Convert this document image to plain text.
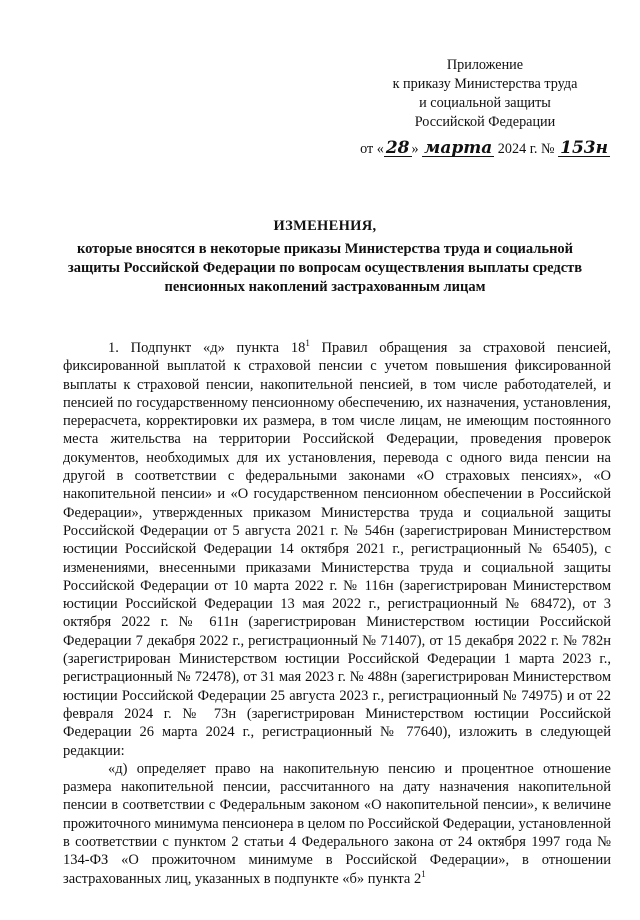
Приложение
к приказу Министерства труда
и социальной защиты
Российской Федерации
от « 28 » марта 2024 г. № 153н
ИЗМЕНЕНИЯ,
которые вносятся в некоторые приказы Министерства труда и социальной защиты Российской Федерации по вопросам осуществления выплаты средств пенсионных накоплений застрахованным лицам

1. Подпункт «д» пункта $18^1$ Правил обращения за страховой пенсией, фиксированной выплатой к страховой пенсии с учетом повышения фиксированной выплаты к страховой пенсии, накопительной пенсией, в том числе работодателей, и пенсией по государственному пенсионному обеспечению, их назначения, установления, перерасчета, корректировки их размера, в том числе лицам, не имеющим постоянного места жительства на территории Российской Федерации, проведения проверок документов, необходимых для их установления, перевода с одного вида пенсии на другой в соответствии с федеральными законами «О страховых пенсиях», «О накопительной пенсии» и «О государственном пенсионном обеспечении в Российской Федерации», утвержденных приказом Министерства труда и социальной защиты Российской Федерации от 5 августа 2021 г. № 546н (зарегистрирован Министерством юстиции Российской Федерации 14 октября 2021 г., регистрационный № 65405), с изменениями, внесенными приказами Министерства труда и социальной защиты Российской Федерации от 10 марта 2022 г. № 116н (зарегистрирован Министерством юстиции Российской Федерации 13 мая 2022 г., регистрационный № 68472), от 3 октября 2022 г. № 611н (зарегистрирован Министерством юстиции Российской Федерации 7 декабря 2022 г., регистрационный № 71407), от 15 декабря 2022 г. № 782н (зарегистрирован Министерством юстиции Российской Федерации 1 марта 2023 г., регистрационный № 72478), от 31 мая 2023 г. № 488н (зарегистрирован Министерством юстиции Российской Федерации 25 августа 2023 г., регистрационный № 74975) и от 22 февраля 2024 г. № 73н (зарегистрирован Министерством юстиции Российской Федерации 26 марта 2024 г., регистрационный № 77640), изложить в следующей редакции:

«д) определяет право на накопительную пенсию и процентное отношение размера накопительной пенсии, рассчитанного на дату назначения накопительной пенсии в соответствии с Федеральным законом «О накопительной пенсии», к величине прожиточного минимума пенсионера в целом по Российской Федерации, установленной в соответствии с пунктом 2 статьи 4 Федерального закона от 24 октября 1997 года № 134-ФЗ «О прожиточном минимуме в Российской Федерации», в отношении застрахованных лиц, указанных в подпункте «б» пункта $2^1$
